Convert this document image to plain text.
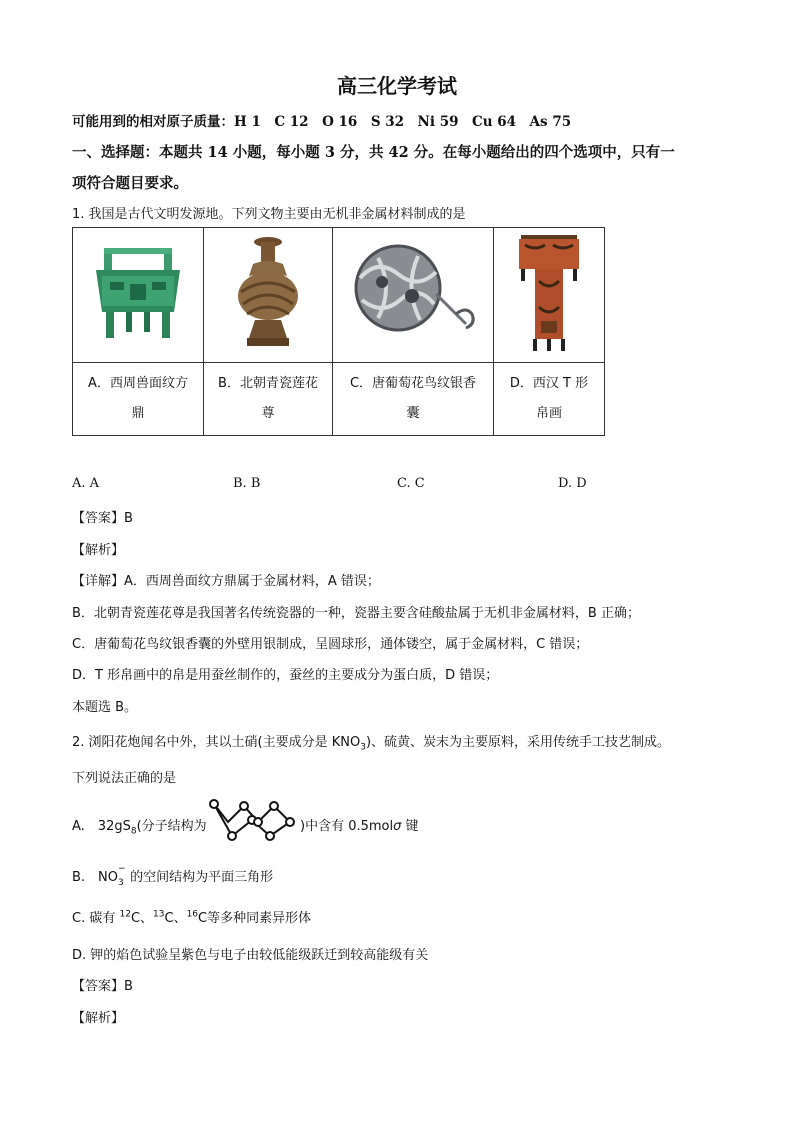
高三化学考试
可能用到的相对原子质量：H 1　C 12　O 16　S 32　Ni 59　Cu 64　As 75
一、选择题：本题共 14 小题，每小题 3 分，共 42 分。在每小题给出的四个选项中，只有一
项符合题目要求。
1. 我国是古代文明发源地。下列文物主要由无机非金属材料制成的是

A．西周兽面纹方
鼎	B．北朝青瓷莲花
尊	C．唐葡萄花鸟纹银香
囊	D．西汉 T 形
帛画
A. A	B. B	C. C	D. D
【答案】B
【解析】
【详解】A．西周兽面纹方鼎属于金属材料，A 错误；
B．北朝青瓷莲花尊是我国著名传统瓷器的一种，瓷器主要含硅酸盐属于无机非金属材料，B 正确；
C．唐葡萄花鸟纹银香囊的外壁用银制成，呈圆球形，通体镂空，属于金属材料，C 错误；
D．T 形帛画中的帛是用蚕丝制作的，蚕丝的主要成分为蛋白质，D 错误；
本题选 B。
2. 浏阳花炮闻名中外，其以土硝(主要成分是 $KNO_3$)、硫黄、炭末为主要原料，采用传统手工技艺制成。
下列说法正确的是
A.　$32gS_8$(分子结构为	)中含有 0.5molσ 键
B.　NO
−
3 的空间结构为平面三角形
C. 碳有 $^{12}$C、$^{13}$C、$^{16}$C等多种同素异形体
D. 钾的焰色试验呈紫色与电子由较低能级跃迁到较高能级有关
【答案】B
【解析】
